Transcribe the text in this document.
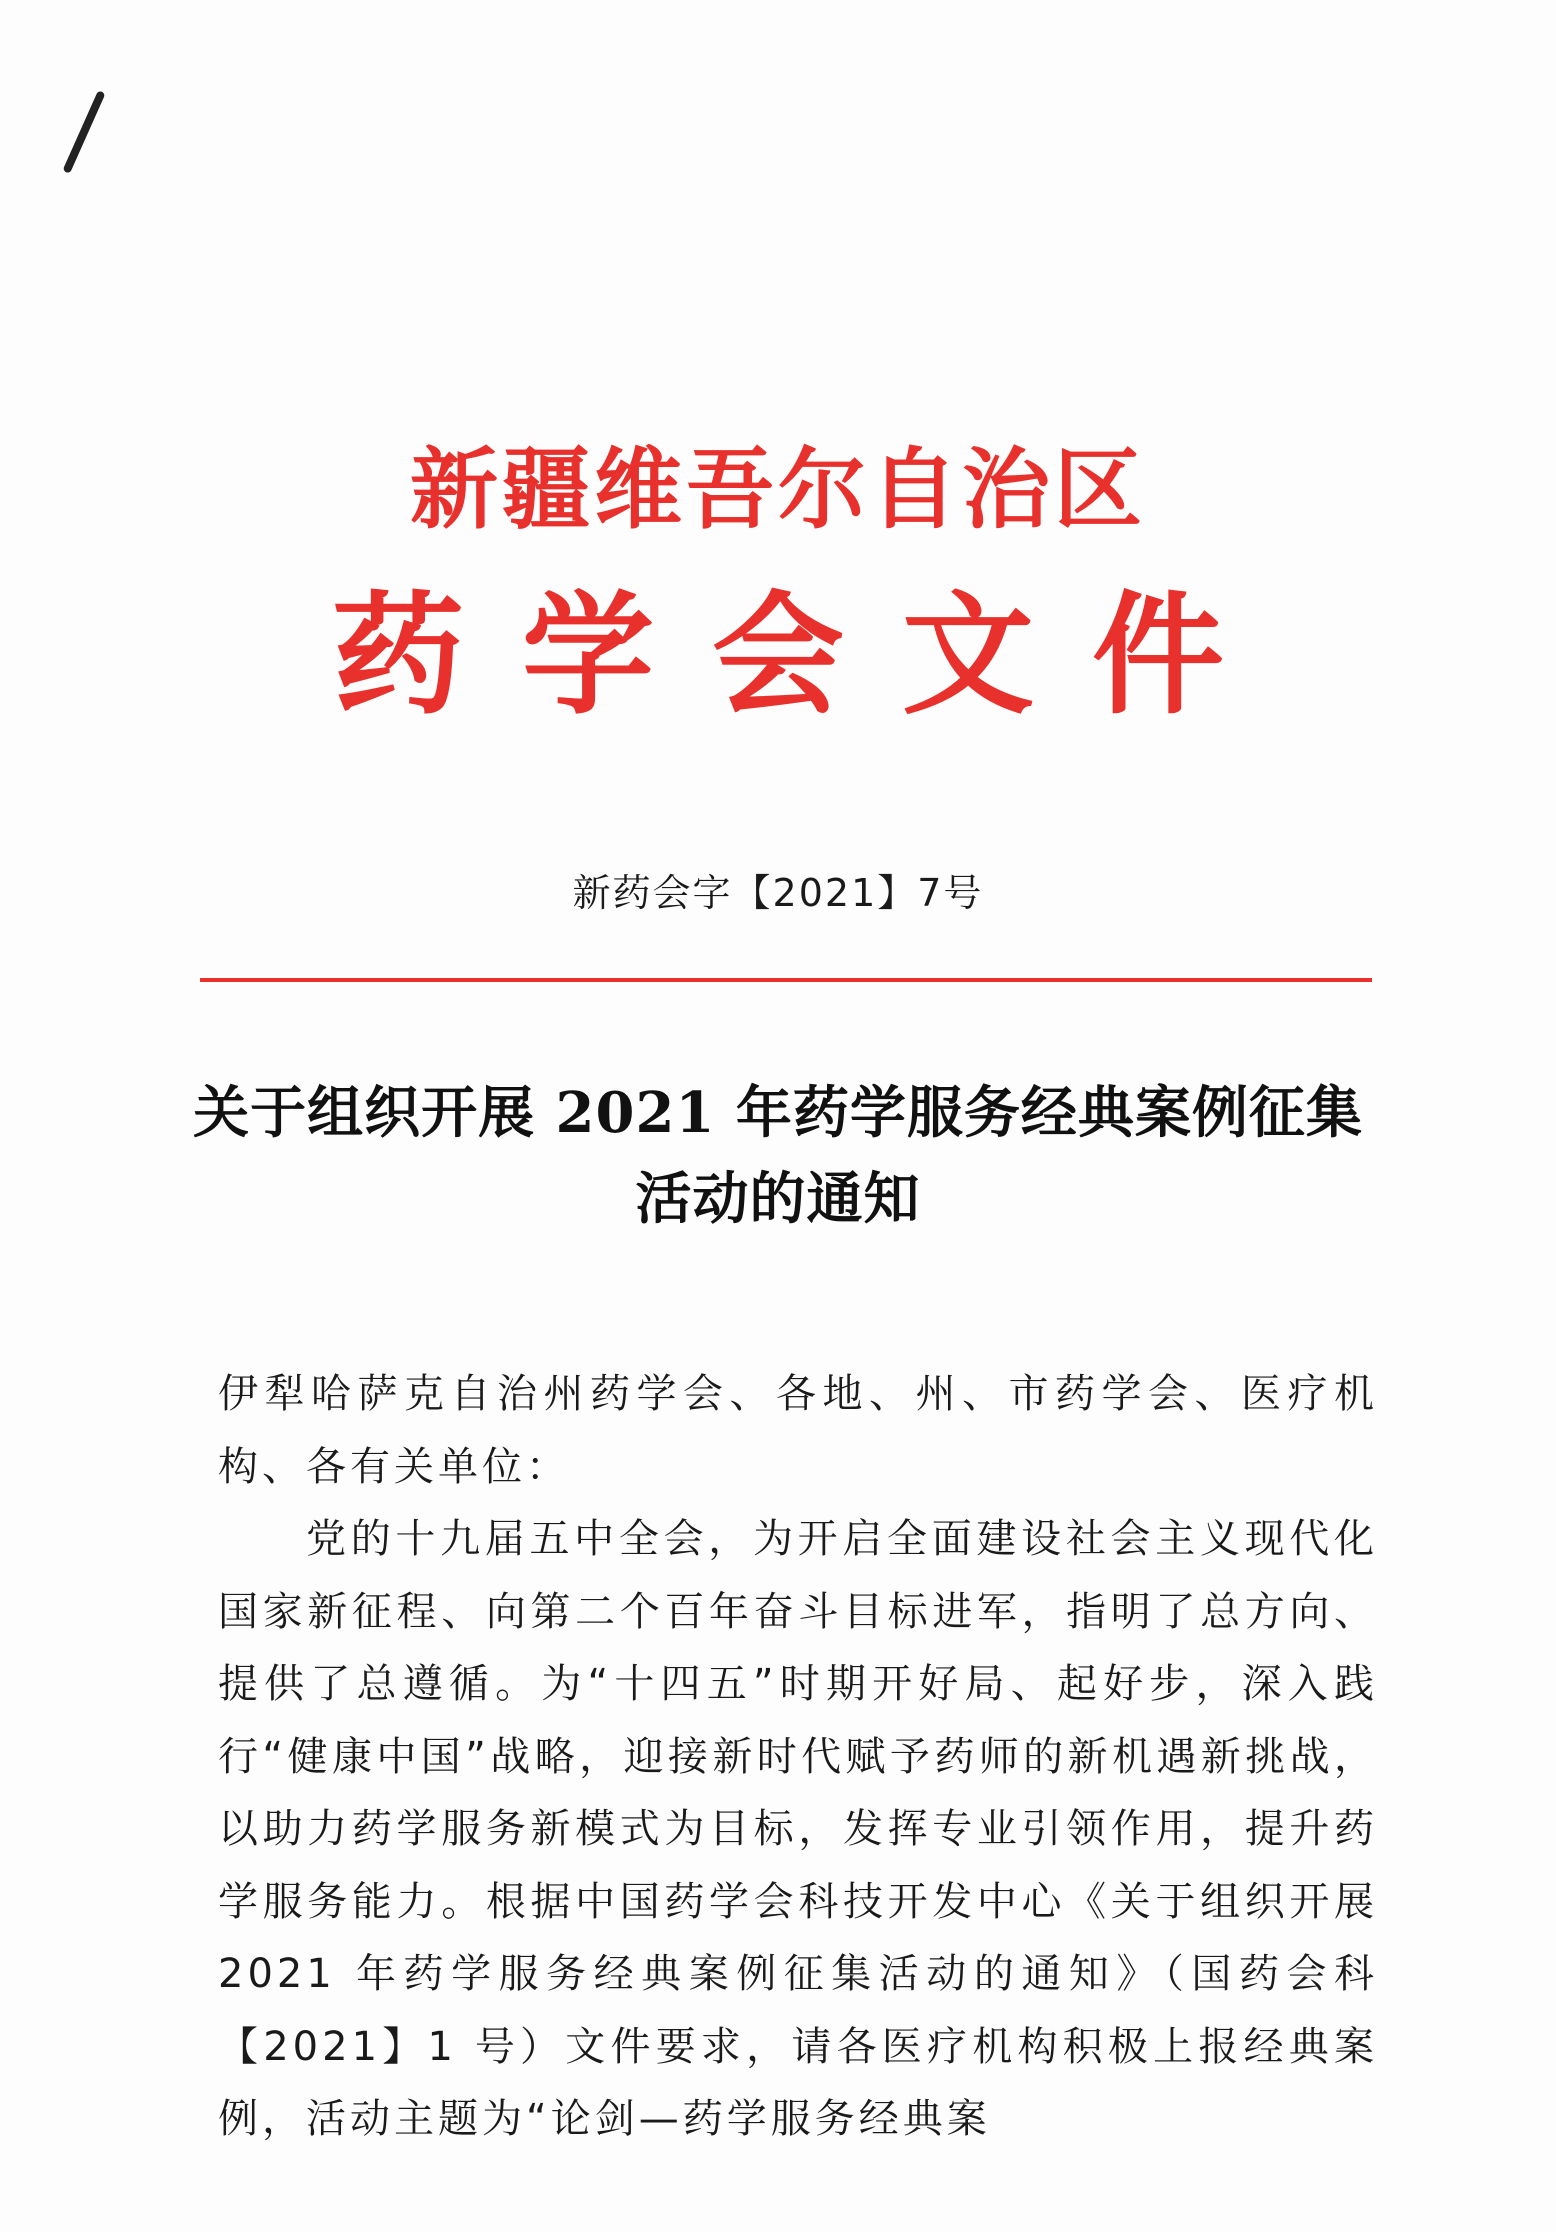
新疆维吾尔自治区
药学会文件
新药会字【2021】7号
关于组织开展 2021 年药学服务经典案例征集
活动的通知

伊犁哈萨克自治州药学会、各地、州、市药学会、医疗机构、各有关单位：

党的十九届五中全会，为开启全面建设社会主义现代化国家新征程、向第二个百年奋斗目标进军，指明了总方向、提供了总遵循。为“十四五”时期开好局、起好步，深入践行“健康中国”战略，迎接新时代赋予药师的新机遇新挑战，以助力药学服务新模式为目标，发挥专业引领作用，提升药学服务能力。根据中国药学会科技开发中心《关于组织开展 2021 年药学服务经典案例征集活动的通知》（国药会科【2021】1 号）文件要求，请各医疗机构积极上报经典案例，活动主题为“论剑—药学服务经典案
